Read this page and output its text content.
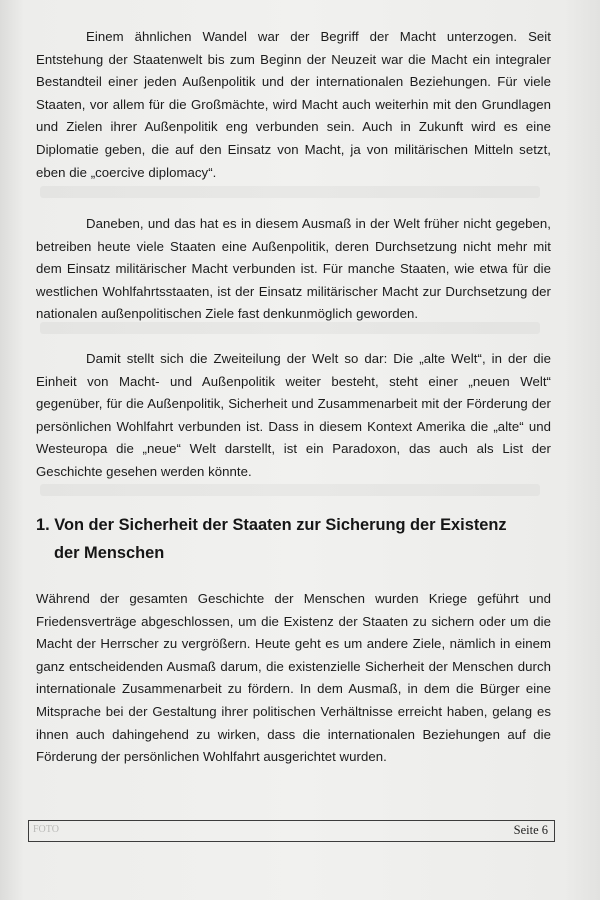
Einem ähnlichen Wandel war der Begriff der Macht unterzogen. Seit Entstehung der Staatenwelt bis zum Beginn der Neuzeit war die Macht ein integraler Bestandteil einer jeden Außenpolitik und der internationalen Beziehungen. Für viele Staaten, vor allem für die Großmächte, wird Macht auch weiterhin mit den Grundlagen und Zielen ihrer Außenpolitik eng verbunden sein. Auch in Zukunft wird es eine Diplomatie geben, die auf den Einsatz von Macht, ja von militärischen Mitteln setzt, eben die „coercive diplomacy“.

Daneben, und das hat es in diesem Ausmaß in der Welt früher nicht gegeben, betreiben heute viele Staaten eine Außenpolitik, deren Durchsetzung nicht mehr mit dem Einsatz militärischer Macht verbunden ist. Für manche Staaten, wie etwa für die westlichen Wohlfahrtsstaaten, ist der Einsatz militärischer Macht zur Durchsetzung der nationalen außenpolitischen Ziele fast denkunmöglich geworden.

Damit stellt sich die Zweiteilung der Welt so dar: Die „alte Welt“, in der die Einheit von Macht- und Außenpolitik weiter besteht, steht einer „neuen Welt“ gegenüber, für die Außenpolitik, Sicherheit und Zusammenarbeit mit der Förderung der persönlichen Wohlfahrt verbunden ist. Dass in diesem Kontext Amerika die „alte“ und Westeuropa die „neue“ Welt darstellt, ist ein Paradoxon, das auch als List der Geschichte gesehen werden könnte.

1. Von der Sicherheit der Staaten zur Sicherung der Existenz
der Menschen

Während der gesamten Geschichte der Menschen wurden Kriege geführt und Friedensverträge abgeschlossen, um die Existenz der Staaten zu sichern oder um die Macht der Herrscher zu vergrößern. Heute geht es um andere Ziele, nämlich in einem ganz entscheidenden Ausmaß darum, die existenzielle Sicherheit der Menschen durch internationale Zusammenarbeit zu fördern. In dem Ausmaß, in dem die Bürger eine Mitsprache bei der Gestaltung ihrer politischen Verhältnisse erreicht haben, gelang es ihnen auch dahingehend zu wirken, dass die internationalen Beziehungen auf die Förderung der persönlichen Wohlfahrt ausgerichtet wurden.

FOTO	Seite 6
